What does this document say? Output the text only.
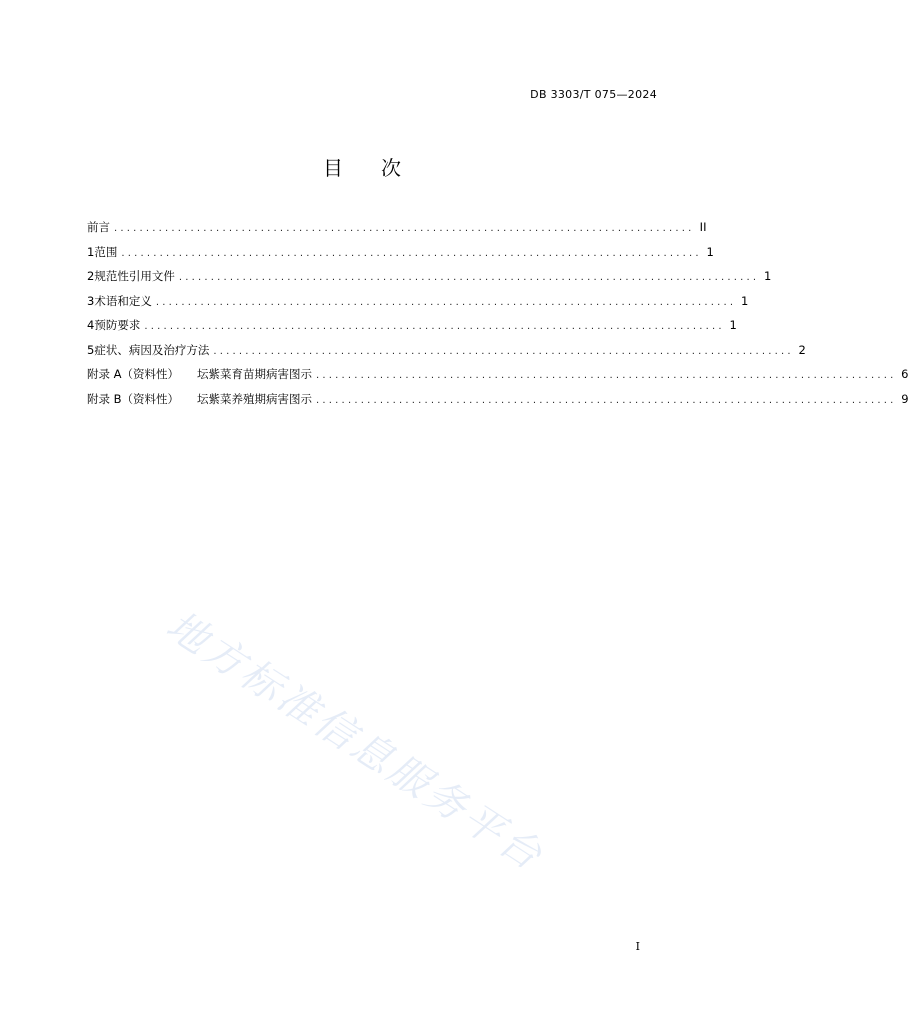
DB 3303/T 075—2024
目 次
前言 ........................................................................................... II
1 范围 ........................................................................................... 1
2 规范性引用文件 ........................................................................................... 1
3 术语和定义 ........................................................................................... 1
4 预防要求 ........................................................................................... 1
5 症状、病因及治疗方法 ........................................................................................... 2
附录 A（资料性） 坛紫菜育苗期病害图示 ........................................................................................... 6
附录 B（资料性） 坛紫菜养殖期病害图示 ........................................................................................... 9
地方标准信息服务平台
I
